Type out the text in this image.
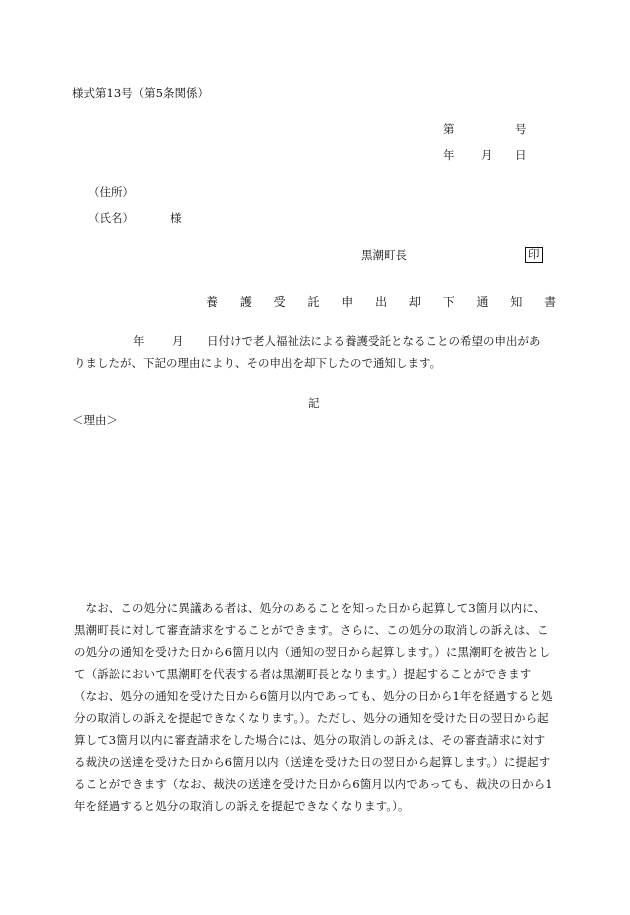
様式第13号（第5条関係）
第	号
年 月 日
（住所）
（氏名）	様
黒潮町長	印
養 護 受 託 申 出 却 下 通 知 書
年 月 日付けで老人福祉法による養護受託となることの希望の申出があ
りましたが、下記の理由により、その申出を却下したので通知します。
記
＜理由＞
　なお、この処分に異議ある者は、処分のあることを知った日から起算して3箇月以内に、黒潮町長に対して審査請求をすることができます。さらに、この処分の取消しの訴えは、この処分の通知を受けた日から6箇月以内（通知の翌日から起算します。）に黒潮町を被告として（訴訟において黒潮町を代表する者は黒潮町長となります。）提起することができます（なお、処分の通知を受けた日から6箇月以内であっても、処分の日から1年を経過すると処分の取消しの訴えを提起できなくなります。）。ただし、処分の通知を受けた日の翌日から起算して3箇月以内に審査請求をした場合には、処分の取消しの訴えは、その審査請求に対する裁決の送達を受けた日から6箇月以内（送達を受けた日の翌日から起算します。）に提起することができます（なお、裁決の送達を受けた日から6箇月以内であっても、裁決の日から1年を経過すると処分の取消しの訴えを提起できなくなります。）。
